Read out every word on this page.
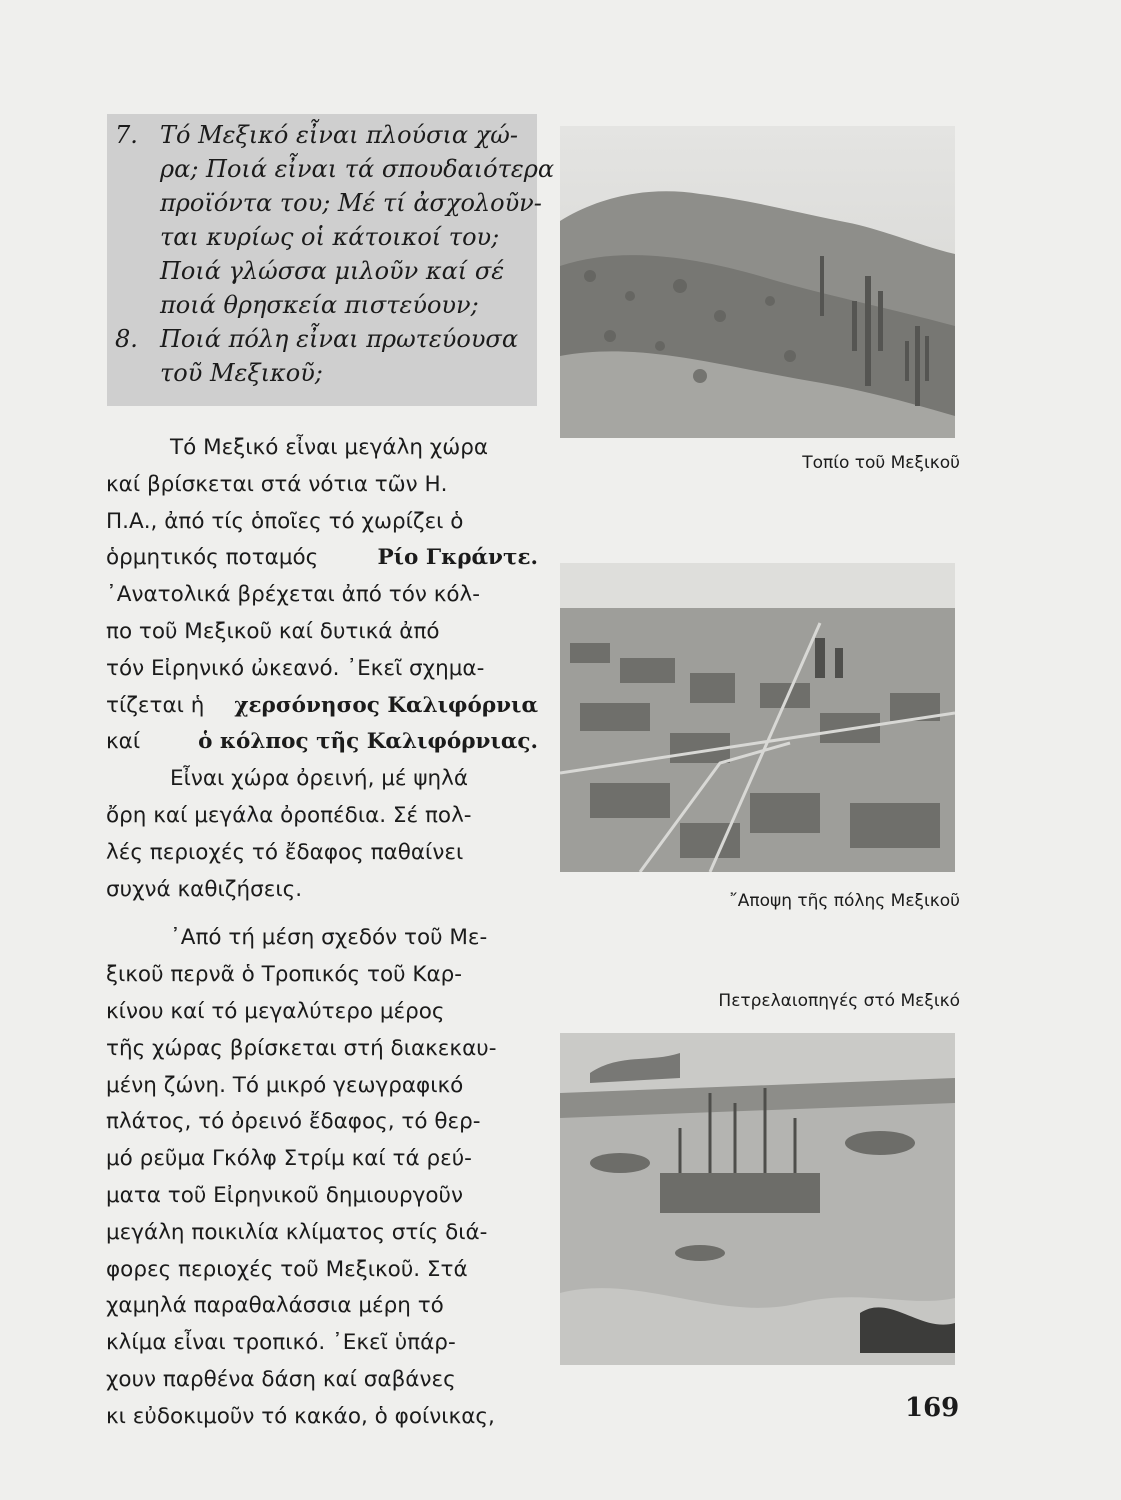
7. Τό Μεξικό εἶναι πλούσια χώ-
ρα; Ποιά εἶναι τά σπουδαιότερα
προϊόντα του; Μέ τί ἀσχολοῦν-
ται κυρίως οἱ κάτοικοί του;
Ποιά γλώσσα μιλοῦν καί σέ
ποιά θρησκεία πιστεύουν;
8. Ποιά πόλη εἶναι πρωτεύουσα
τοῦ Μεξικοῦ;
Τό Μεξικό εἶναι μεγάλη χώρα
καί βρίσκεται στά νότια τῶν Η.
Π.Α., ἀπό τίς ὁποῖες τό χωρίζει ὁ
ὁρμητικός ποταμός	Ρίο Γκράντε.
᾿Ανατολικά βρέχεται ἀπό τόν κόλ-
πο τοῦ Μεξικοῦ καί δυτικά ἀπό
τόν Εἰρηνικό ὠκεανό. ᾿Εκεῖ σχημα-
τίζεται ἡ χερσόνησος Καλιφόρνια
καί	ὁ κόλπος τῆς Καλιφόρνιας.
Εἶναι χώρα ὀρεινή, μέ ψηλά
ὄρη καί μεγάλα ὀροπέδια. Σέ πολ-
λές περιοχές τό ἔδαφος παθαίνει
συχνά καθιζήσεις.
᾿Από τή μέση σχεδόν τοῦ Με-
ξικοῦ περνᾶ ὁ Τροπικός τοῦ Καρ-
κίνου καί τό μεγαλύτερο μέρος
τῆς χώρας βρίσκεται στή διακεκαυ-
μένη ζώνη. Τό μικρό γεωγραφικό
πλάτος, τό ὀρεινό ἔδαφος, τό θερ-
μό ρεῦμα Γκόλφ Στρίμ καί τά ρεύ-
ματα τοῦ Εἰρηνικοῦ δημιουργοῦν
μεγάλη ποικιλία κλίματος στίς διά-
φορες περιοχές τοῦ Μεξικοῦ. Στά
χαμηλά παραθαλάσσια μέρη τό
κλίμα εἶναι τροπικό. ᾿Εκεῖ ὑπάρ-
χουν παρθένα δάση καί σαβάνες
κι εὐδοκιμοῦν τό κακάο, ὁ φοίνικας,
Τοπίο τοῦ Μεξικοῦ
῎Αποψη τῆς πόλης Μεξικοῦ
Πετρελαιοπηγές στό Μεξικό
169
